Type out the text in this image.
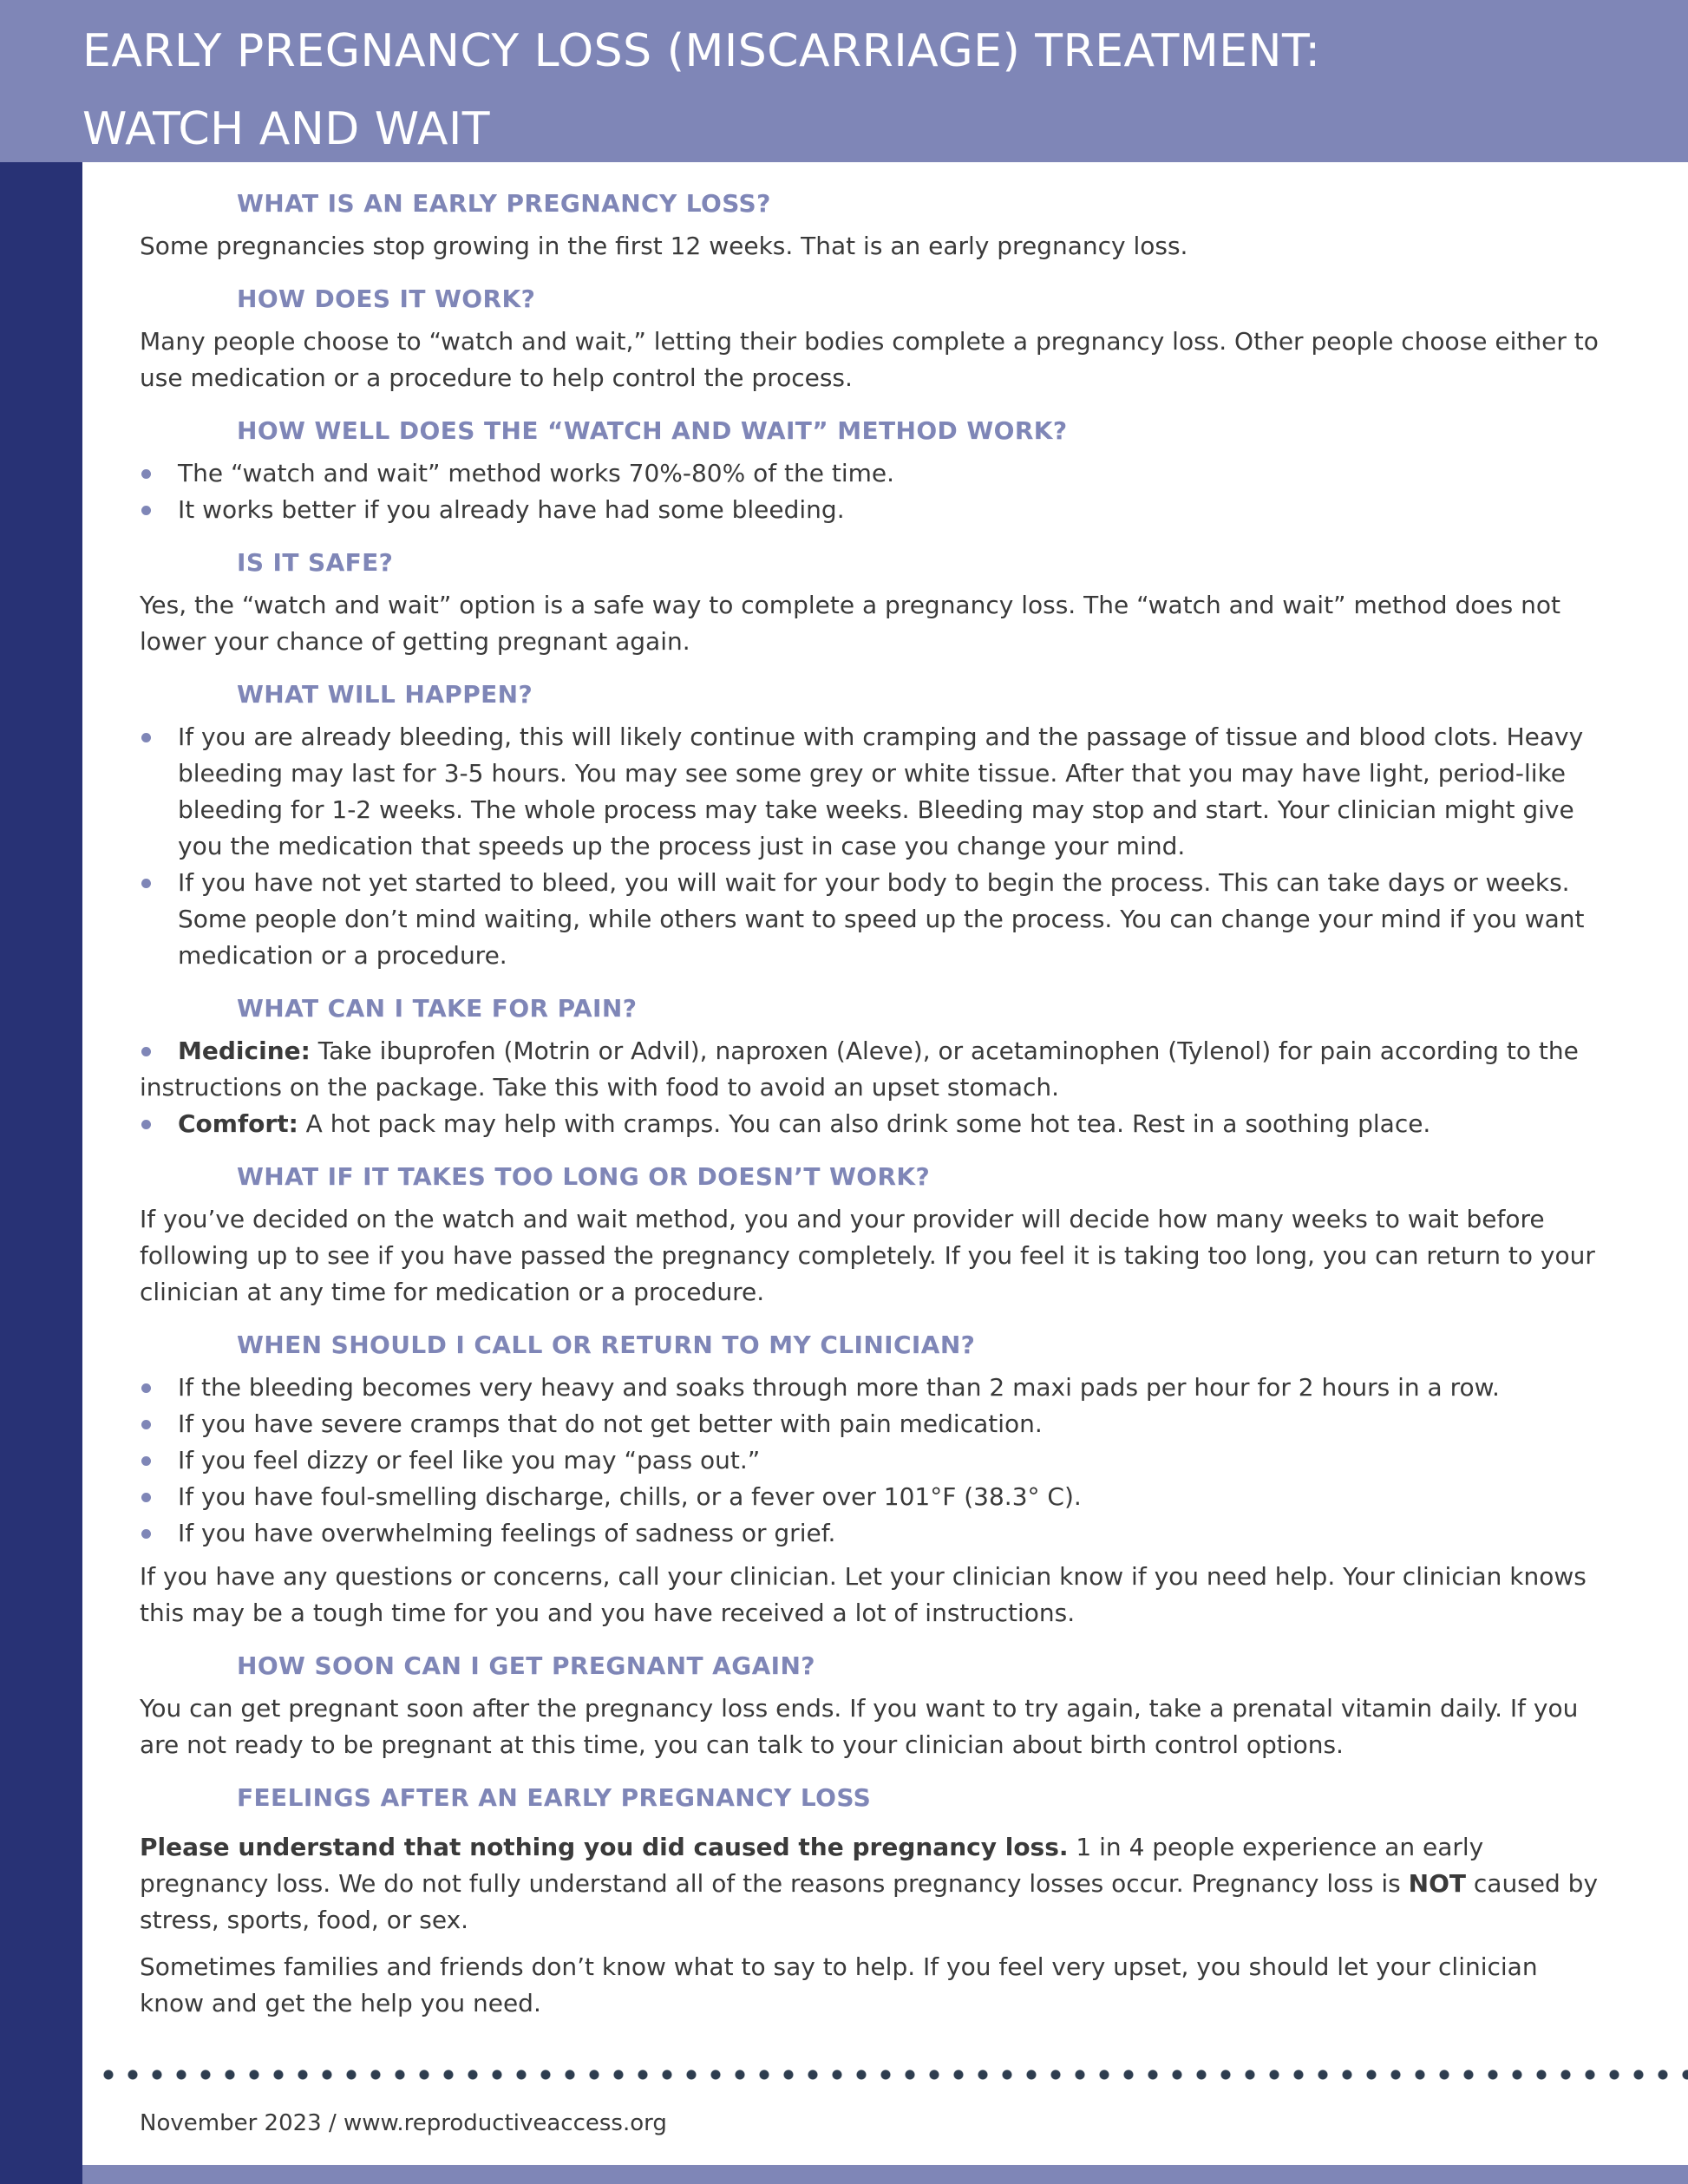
EARLY PREGNANCY LOSS (MISCARRIAGE) TREATMENT:
WATCH AND WAIT
WHAT IS AN EARLY PREGNANCY LOSS?
Some pregnancies stop growing in the first 12 weeks. That is an early pregnancy loss.
HOW DOES IT WORK?
Many people choose to “watch and wait,” letting their bodies complete a pregnancy loss. Other people choose either to use medication or a procedure to help control the process.
HOW WELL DOES THE “WATCH AND WAIT” METHOD WORK?
The “watch and wait” method works 70%-80% of the time.
It works better if you already have had some bleeding.
IS IT SAFE?
Yes, the “watch and wait” option is a safe way to complete a pregnancy loss. The “watch and wait” method does not lower your chance of getting pregnant again.
WHAT WILL HAPPEN?
If you are already bleeding, this will likely continue with cramping and the passage of tissue and blood clots. Heavy bleeding may last for 3-5 hours. You may see some grey or white tissue. After that you may have light, period-like bleeding for 1-2 weeks. The whole process may take weeks. Bleeding may stop and start. Your clinician might give you the medication that speeds up the process just in case you change your mind.
If you have not yet started to bleed, you will wait for your body to begin the process. This can take days or weeks. Some people don’t mind waiting, while others want to speed up the process. You can change your mind if you want medication or a procedure.
WHAT CAN I TAKE FOR PAIN?
Medicine: Take ibuprofen (Motrin or Advil), naproxen (Aleve), or acetaminophen (Tylenol) for pain according to the instructions on the package. Take this with food to avoid an upset stomach.
Comfort: A hot pack may help with cramps. You can also drink some hot tea. Rest in a soothing place.
WHAT IF IT TAKES TOO LONG OR DOESN’T WORK?
If you’ve decided on the watch and wait method, you and your provider will decide how many weeks to wait before following up to see if you have passed the pregnancy completely. If you feel it is taking too long, you can return to your clinician at any time for medication or a procedure.
WHEN SHOULD I CALL OR RETURN TO MY CLINICIAN?
If the bleeding becomes very heavy and soaks through more than 2 maxi pads per hour for 2 hours in a row.
If you have severe cramps that do not get better with pain medication.
If you feel dizzy or feel like you may “pass out.”
If you have foul-smelling discharge, chills, or a fever over 101°F (38.3° C).
If you have overwhelming feelings of sadness or grief.
If you have any questions or concerns, call your clinician. Let your clinician know if you need help. Your clinician knows this may be a tough time for you and you have received a lot of instructions.
HOW SOON CAN I GET PREGNANT AGAIN?
You can get pregnant soon after the pregnancy loss ends. If you want to try again, take a prenatal vitamin daily. If you are not ready to be pregnant at this time, you can talk to your clinician about birth control options.
FEELINGS AFTER AN EARLY PREGNANCY LOSS
Please understand that nothing you did caused the pregnancy loss. 1 in 4 people experience an early pregnancy loss. We do not fully understand all of the reasons pregnancy losses occur. Pregnancy loss is NOT caused by stress, sports, food, or sex.
Sometimes families and friends don’t know what to say to help. If you feel very upset, you should let your clinician know and get the help you need.
November 2023 / www.reproductiveaccess.org
